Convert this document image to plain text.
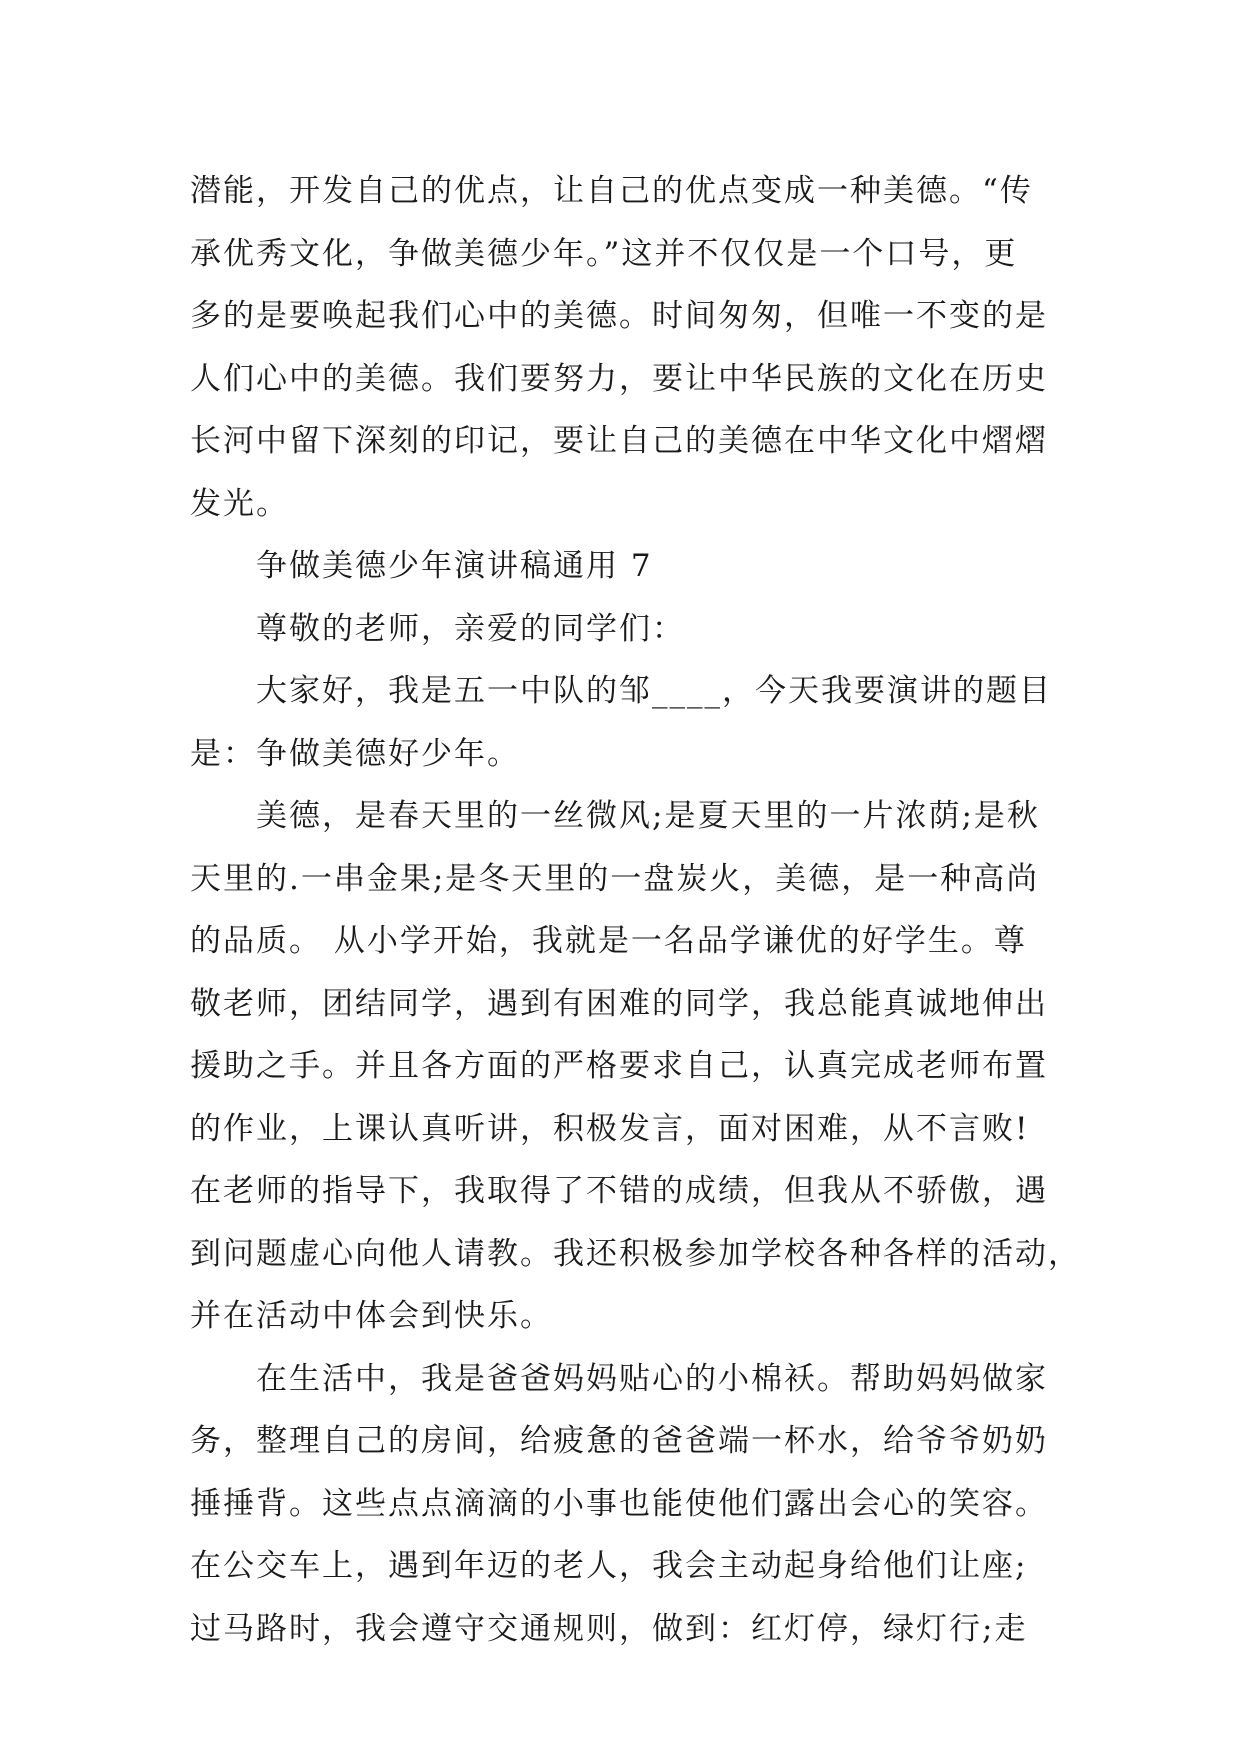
潜能，开发自己的优点，让自己的优点变成一种美德。“传
承优秀文化，争做美德少年。”这并不仅仅是一个口号，更
多的是要唤起我们心中的美德。时间匆匆，但唯一不变的是
人们心中的美德。我们要努力，要让中华民族的文化在历史
长河中留下深刻的印记，要让自己的美德在中华文化中熠熠
发光。
争做美德少年演讲稿通用 7
尊敬的老师，亲爱的同学们：
大家好，我是五一中队的邹____，今天我要演讲的题目
是：争做美德好少年。
美德，是春天里的一丝微风;是夏天里的一片浓荫;是秋
天里的.一串金果;是冬天里的一盘炭火，美德，是一种高尚
的品质。 从小学开始，我就是一名品学谦优的好学生。尊
敬老师，团结同学，遇到有困难的同学，我总能真诚地伸出
援助之手。并且各方面的严格要求自己，认真完成老师布置
的作业，上课认真听讲，积极发言，面对困难，从不言败!
在老师的指导下，我取得了不错的成绩，但我从不骄傲，遇
到问题虚心向他人请教。我还积极参加学校各种各样的活动，
并在活动中体会到快乐。
在生活中，我是爸爸妈妈贴心的小棉袄。帮助妈妈做家
务，整理自己的房间，给疲惫的爸爸端一杯水，给爷爷奶奶
捶捶背。这些点点滴滴的小事也能使他们露出会心的笑容。
在公交车上，遇到年迈的老人，我会主动起身给他们让座;
过马路时，我会遵守交通规则，做到：红灯停，绿灯行;走
